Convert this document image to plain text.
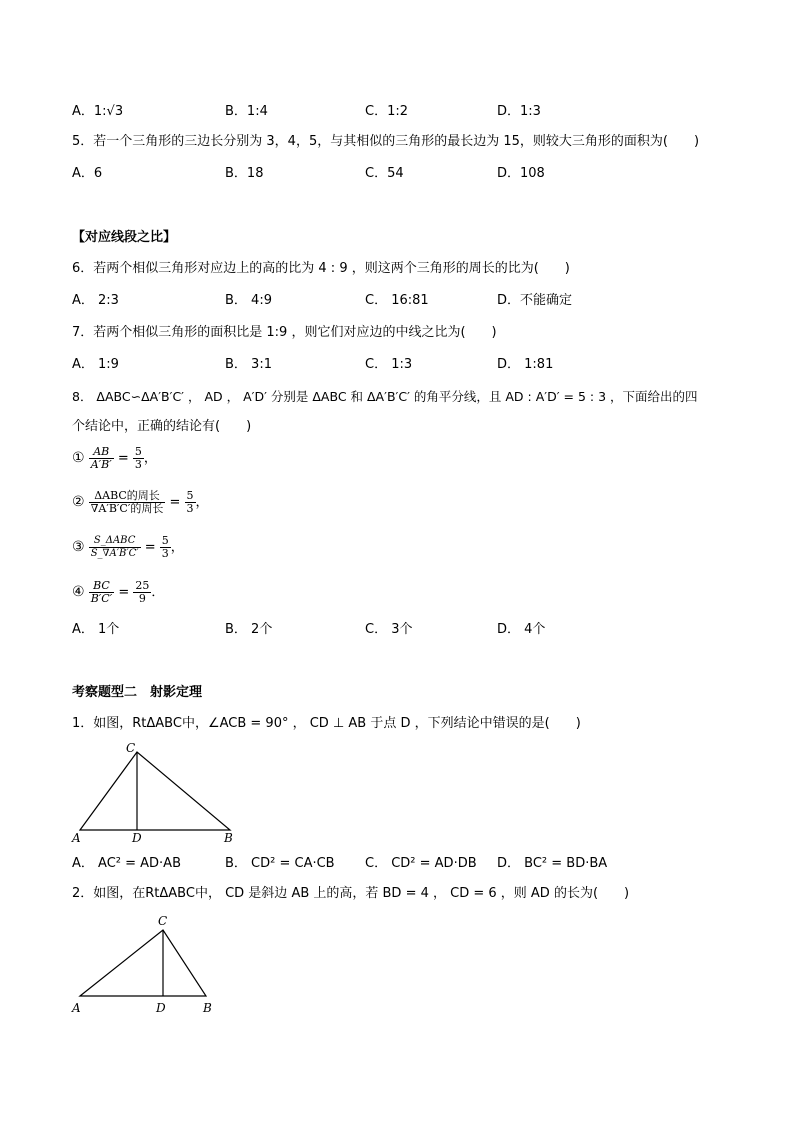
A．1:√3	B．1:4	C．1:2	D．1:3
5．若一个三角形的三边长分别为 3，4，5，与其相似的三角形的最长边为 15，则较大三角形的面积为(　　)
A．6	B．18	C．54	D．108
【对应线段之比】
6．若两个相似三角形对应边上的高的比为 4 : 9 ，则这两个三角形的周长的比为(　　)
A． 2:3	B． 4:9	C． 16:81	D．不能确定
7．若两个相似三角形的面积比是 1:9 ，则它们对应边的中线之比为(　　)
A． 1:9	B． 3:1	C． 1:3	D． 1:81
8． ΔABC∽ΔA′B′C′ ， AD ， A′D′ 分别是 ΔABC 和 ΔA′B′C′ 的角平分线，且 AD : A′D′ = 5 : 3 ，下面给出的四
个结论中，正确的结论有(　　)
① $\frac{AB}{A'B'} = \frac{5}{3}$ ，
② $\frac{\text{ΔABC的周长}}{\text{∇A′B′C′的周长}} = \frac{5}{3}$ ，
③ $\frac{\text{S\_ΔABC}}{S\_\nabla A'B'C'} = \frac{5}{3}$ ，
④ $\frac{BC}{B'C'} = \frac{25}{9}$ ．
A． 1个	B． 2个	C． 3个	D． 4个
考察题型二　射影定理
1．如图，RtΔABC中，∠ACB = 90° ， CD ⊥ AB 于点 D ，下列结论中错误的是(　　)
C
A	D	B
A． AC² = AD·AB	B． CD² = CA·CB C． CD² = AD·DB D． BC² = BD·BA
2．如图，在RtΔABC中， CD 是斜边 AB 上的高，若 BD = 4 ， CD = 6 ，则 AD 的长为(　　)
C
A	D	B
